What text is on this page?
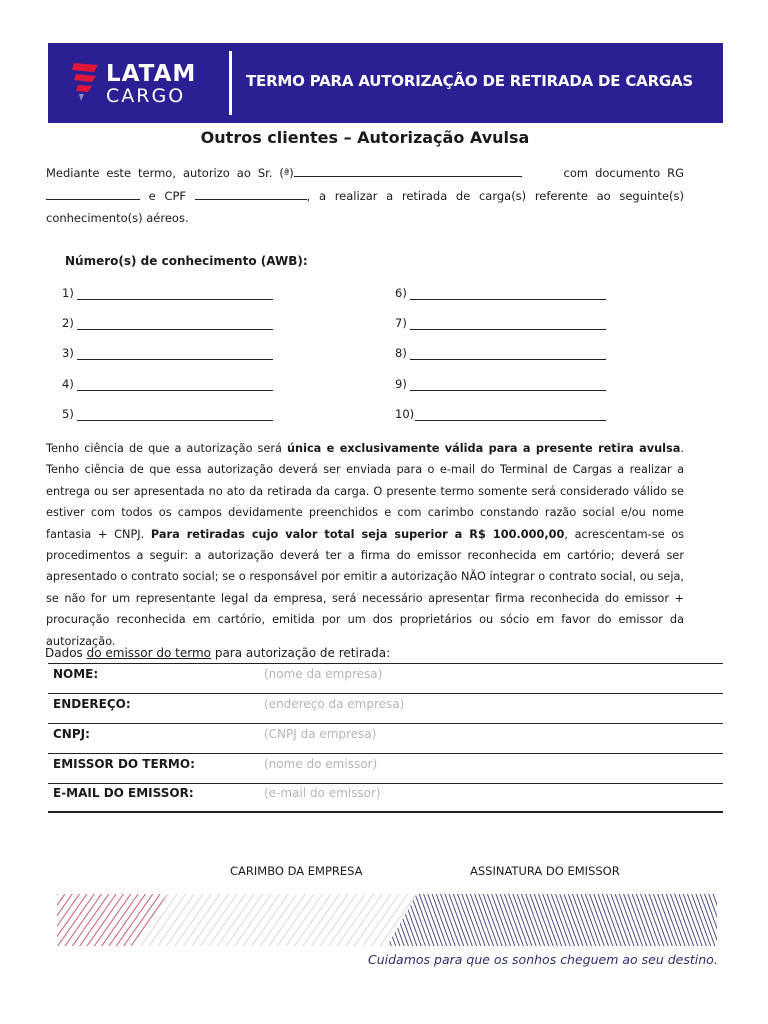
LATAM
CARGO
TERMO PARA AUTORIZAÇÃO DE RETIRADA DE CARGAS
Outros clientes – Autorização Avulsa
Mediante este termo, autorizo ao Sr. (ª)	com documento RG  e CPF	, a realizar a retirada de carga(s) referente ao seguinte(s) conhecimento(s) aéreos.
Número(s) de conhecimento (AWB):
1)
2)
3)
4)
5)
6)
7)
8)
9)
10)
Tenho ciência de que a autorização será única e exclusivamente válida para a presente retira avulsa. Tenho ciência de que essa autorização deverá ser enviada para o e-mail do Terminal de Cargas a realizar a entrega ou ser apresentada no ato da retirada da carga. O presente termo somente será considerado válido se estiver com todos os campos devidamente preenchidos e com carimbo constando razão social e/ou nome fantasia + CNPJ. Para retiradas cujo valor total seja superior a R$ 100.000,00, acrescentam-se os procedimentos a seguir: a autorização deverá ter a firma do emissor reconhecida em cartório; deverá ser apresentado o contrato social; se o responsável por emitir a autorização NÃO integrar o contrato social, ou seja, se não for um representante legal da empresa, será necessário apresentar firma reconhecida do emissor + procuração reconhecida em cartório, emitida por um dos proprietários ou sócio em favor do emissor da autorização.
Dados do emissor do termo para autorização de retirada:
NOME:	(nome da empresa)
ENDEREÇO:	(endereço da empresa)
CNPJ:	(CNPJ da empresa)
EMISSOR DO TERMO:	(nome do emissor)
E-MAIL DO EMISSOR:	(e-mail do emissor)
CARIMBO DA EMPRESA	ASSINATURA DO EMISSOR
Cuidamos para que os sonhos cheguem ao seu destino.
